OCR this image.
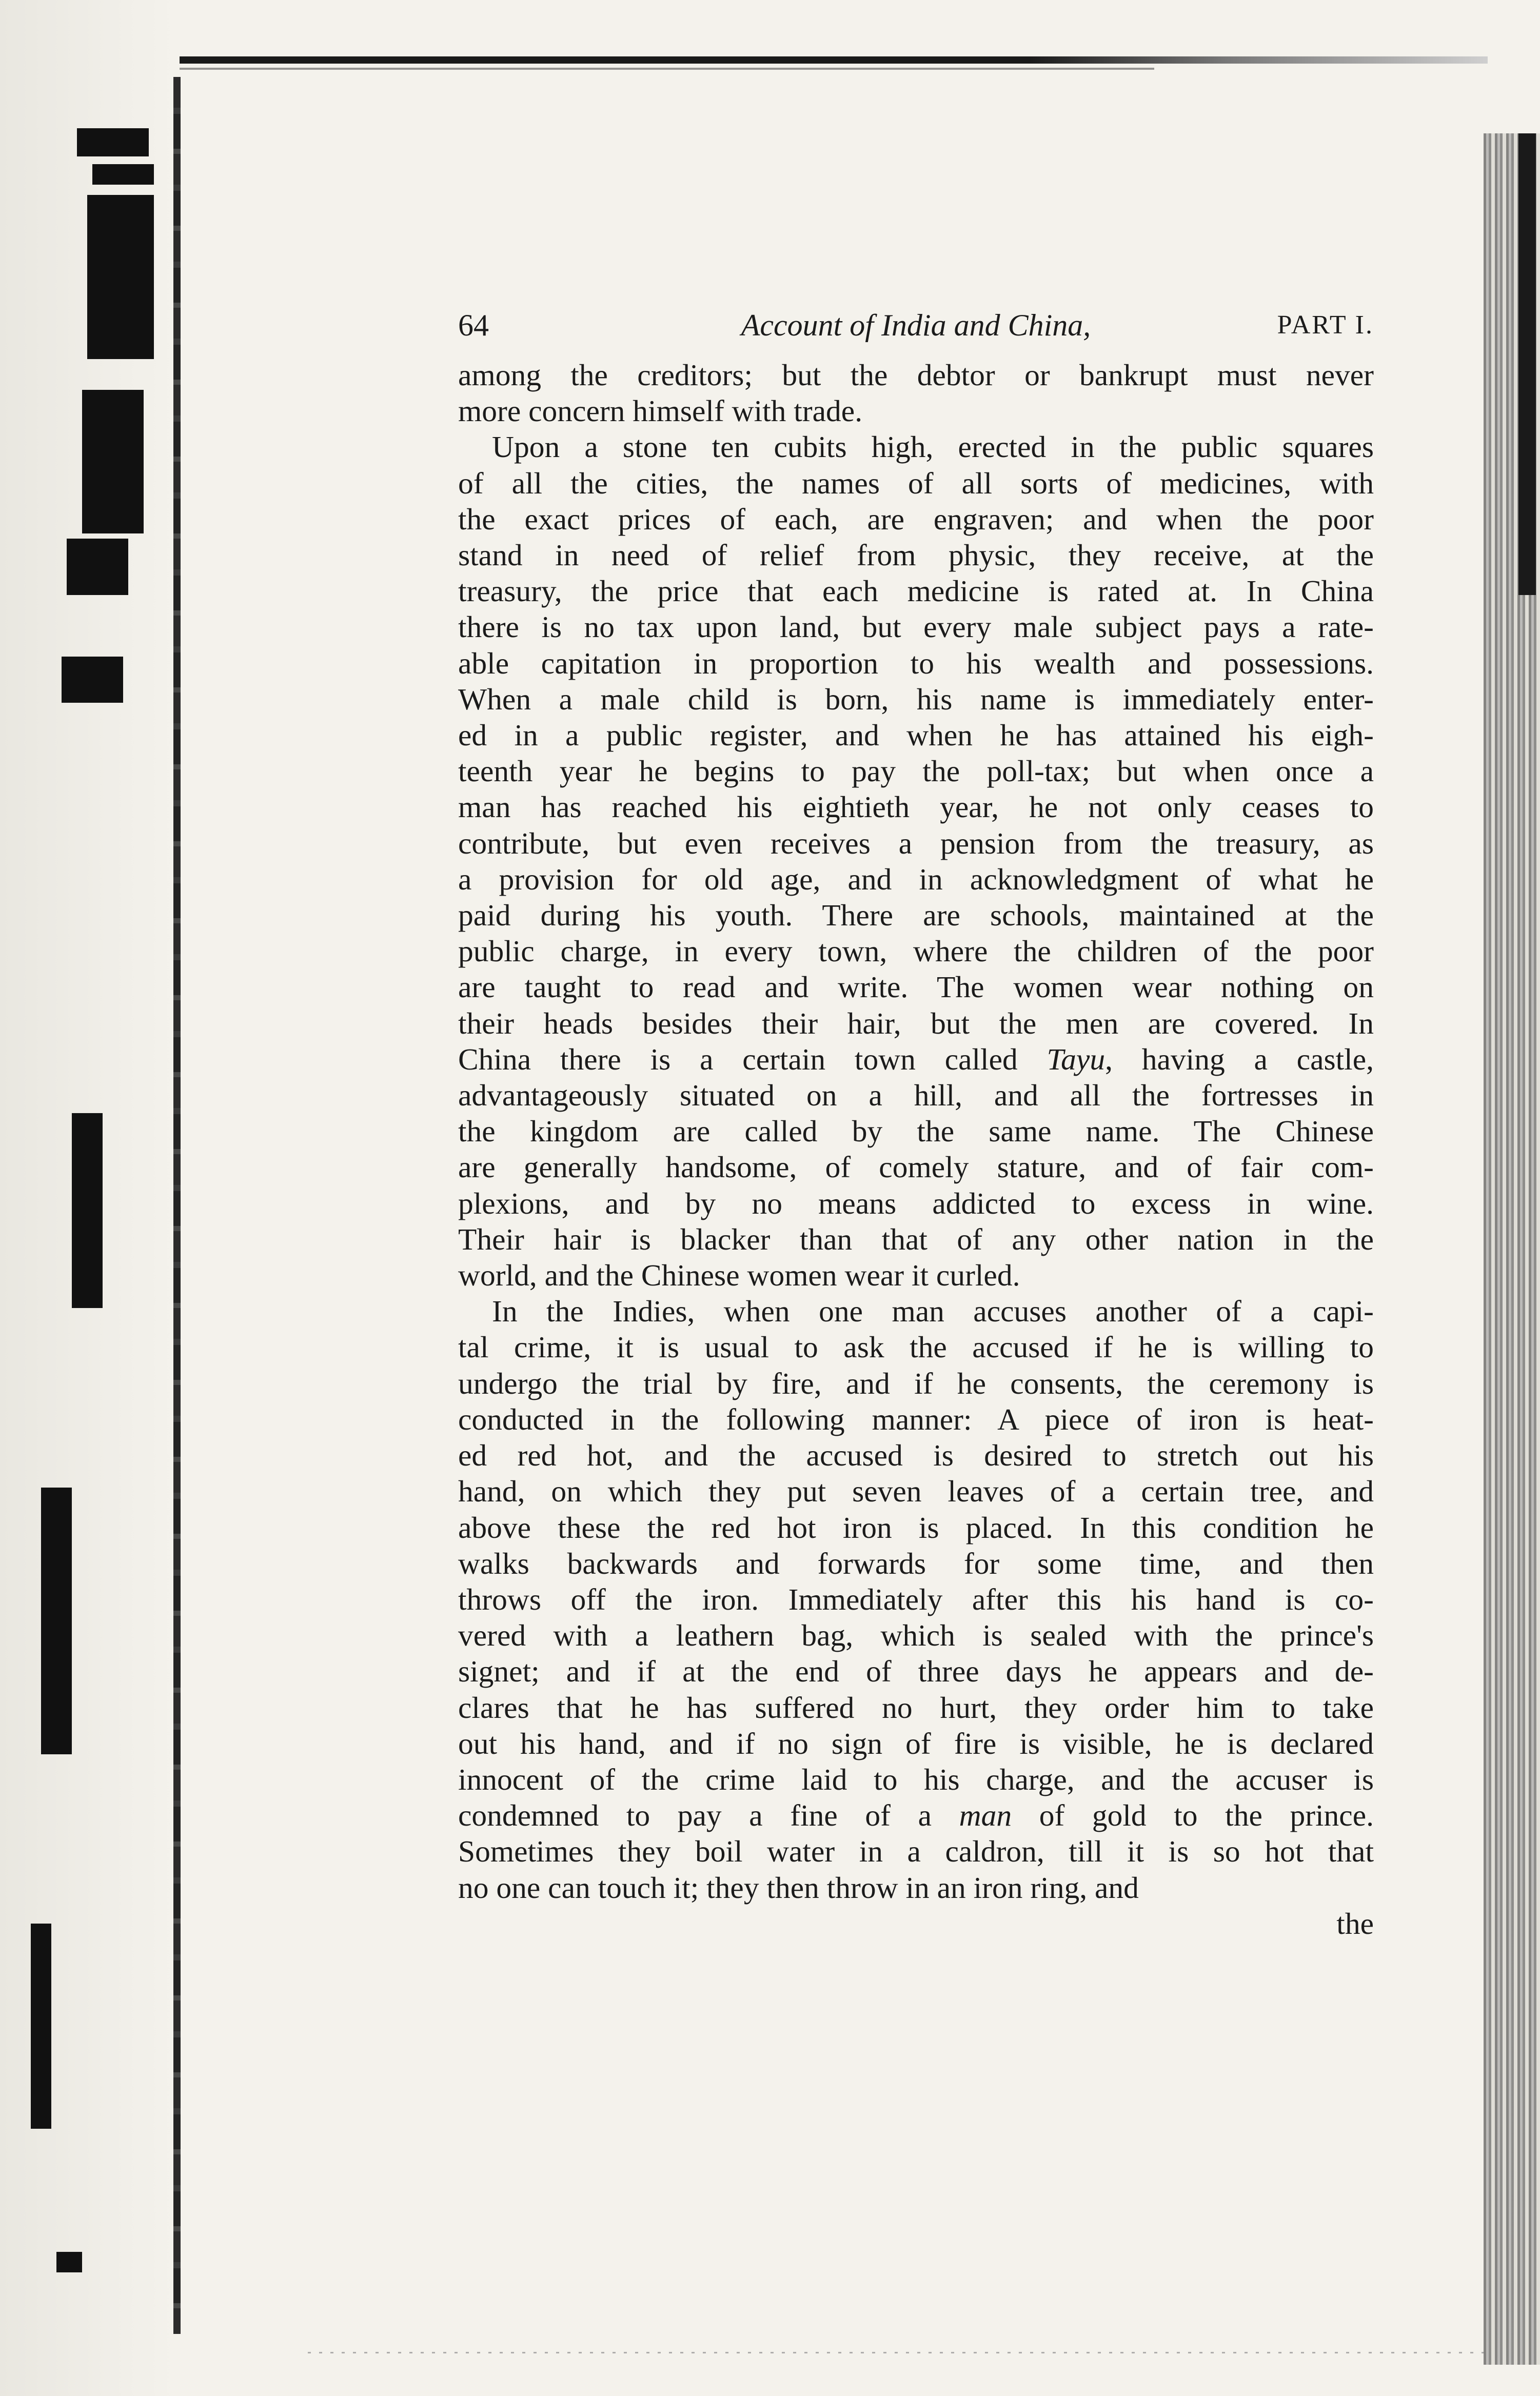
64	Account of India and China,	PART I.

among the creditors; but the debtor or bankrupt must never
more concern himself with trade.

Upon a stone ten cubits high, erected in the public squares
of all the cities, the names of all sorts of medicines, with
the exact prices of each, are engraven; and when the poor
stand in need of relief from physic, they receive, at the
treasury, the price that each medicine is rated at. In China
there is no tax upon land, but every male subject pays a rate-
able capitation in proportion to his wealth and possessions.
When a male child is born, his name is immediately enter-
ed in a public register, and when he has attained his eigh-
teenth year he begins to pay the poll-tax; but when once a
man has reached his eightieth year, he not only ceases to
contribute, but even receives a pension from the treasury, as
a provision for old age, and in acknowledgment of what he
paid during his youth. There are schools, maintained at the
public charge, in every town, where the children of the poor
are taught to read and write. The women wear nothing on
their heads besides their hair, but the men are covered. In
China there is a certain town called Tayu, having a castle,
advantageously situated on a hill, and all the fortresses in
the kingdom are called by the same name. The Chinese
are generally handsome, of comely stature, and of fair com-
plexions, and by no means addicted to excess in wine.
Their hair is blacker than that of any other nation in the
world, and the Chinese women wear it curled.

In the Indies, when one man accuses another of a capi-
tal crime, it is usual to ask the accused if he is willing to
undergo the trial by fire, and if he consents, the ceremony is
conducted in the following manner: A piece of iron is heat-
ed red hot, and the accused is desired to stretch out his
hand, on which they put seven leaves of a certain tree, and
above these the red hot iron is placed. In this condition he
walks backwards and forwards for some time, and then
throws off the iron. Immediately after this his hand is co-
vered with a leathern bag, which is sealed with the prince's
signet; and if at the end of three days he appears and de-
clares that he has suffered no hurt, they order him to take
out his hand, and if no sign of fire is visible, he is declared
innocent of the crime laid to his charge, and the accuser is
condemned to pay a fine of a man of gold to the prince.
Sometimes they boil water in a caldron, till it is so hot that
no one can touch it; they then throw in an iron ring, and

the
